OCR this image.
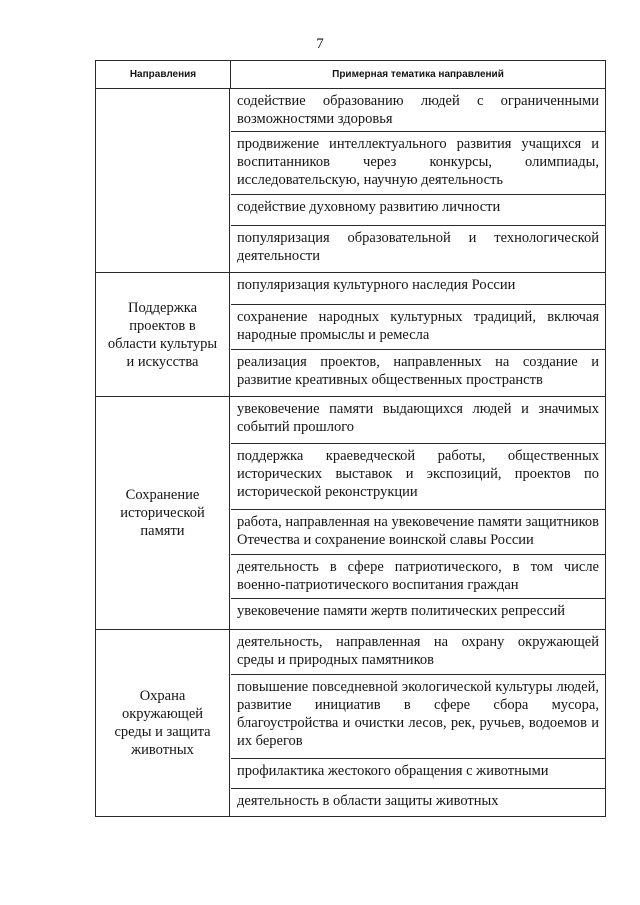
7
Направления	Примерная тематика направлений
содействие образованию людей с ограниченными возможностями здоровья
продвижение интеллектуального развития учащихся и воспитанников через конкурсы, олимпиады, исследовательскую, научную деятельность
содействие духовному развитию личности
популяризация образовательной и технологической деятельности
Поддержка проектов в области культуры и искусства
популяризация культурного наследия России
сохранение народных культурных традиций, включая народные промыслы и ремесла
реализация проектов, направленных на создание и развитие креативных общественных пространств
Сохранение исторической памяти
увековечение памяти выдающихся людей и значимых событий прошлого
поддержка краеведческой работы, общественных исторических выставок и экспозиций, проектов по исторической реконструкции
работа, направленная на увековечение памяти защитников Отечества и сохранение воинской славы России
деятельность в сфере патриотического, в том числе военно-патриотического воспитания граждан
увековечение памяти жертв политических репрессий
Охрана окружающей среды и защита животных
деятельность, направленная на охрану окружающей среды и природных памятников
повышение повседневной экологической культуры людей, развитие инициатив в сфере сбора мусора, благоустройства и очистки лесов, рек, ручьев, водоемов и их берегов
профилактика жестокого обращения с животными
деятельность в области защиты животных
